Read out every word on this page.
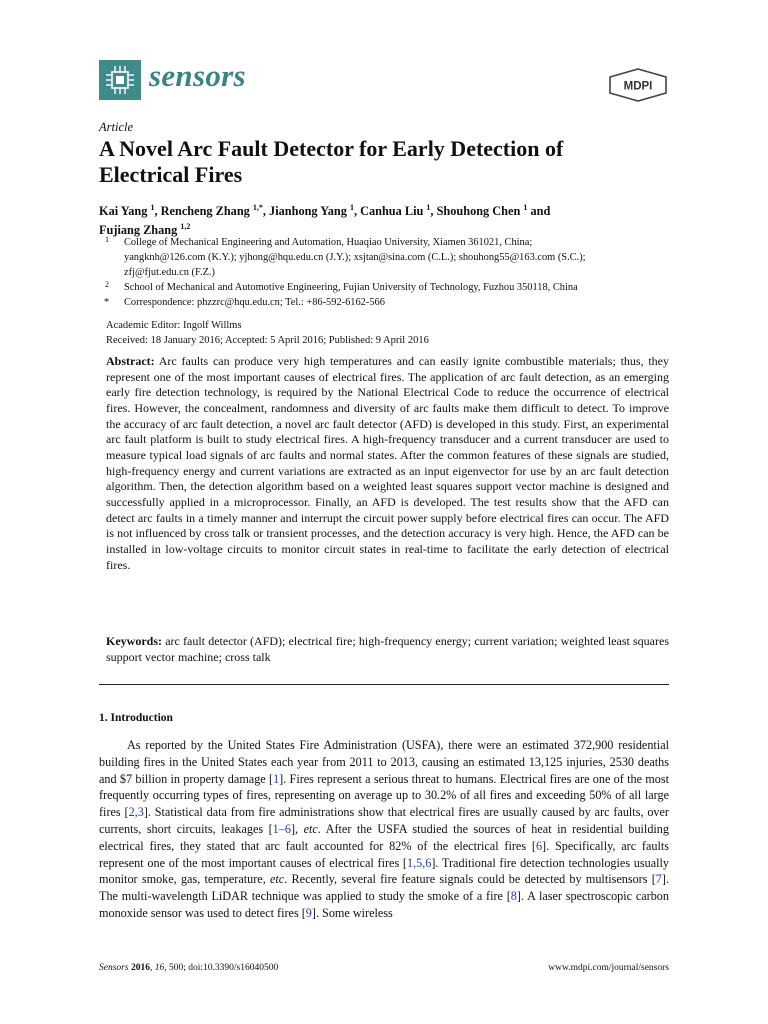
sensors	MDPI
Article
A Novel Arc Fault Detector for Early Detection of Electrical Fires
Kai Yang $^1$, Rencheng Zhang $^{1,*}$, Jianhong Yang $^1$, Canhua Liu $^1$, Shouhong Chen $^1$ and
Fujiang Zhang $^{1,2}$
1 College of Mechanical Engineering and Automation, Huaqiao University, Xiamen 361021, China;
yangknh@126.com (K.Y.); yjhong@hqu.edu.cn (J.Y.); xsjtan@sina.com (C.L.); shouhong55@163.com (S.C.);
zfj@fjut.edu.cn (F.Z.)
2 School of Mechanical and Automotive Engineering, Fujian University of Technology, Fuzhou 350118, China
* Correspondence: phzzrc@hqu.edu.cn; Tel.: +86-592-6162-566
Academic Editor: Ingolf Willms
Received: 18 January 2016; Accepted: 5 April 2016; Published: 9 April 2016

Abstract: Arc faults can produce very high temperatures and can easily ignite combustible materials; thus, they represent one of the most important causes of electrical fires. The application of arc fault detection, as an emerging early fire detection technology, is required by the National Electrical Code to reduce the occurrence of electrical fires. However, the concealment, randomness and diversity of arc faults make them difficult to detect. To improve the accuracy of arc fault detection, a novel arc fault detector (AFD) is developed in this study. First, an experimental arc fault platform is built to study electrical fires. A high-frequency transducer and a current transducer are used to measure typical load signals of arc faults and normal states. After the common features of these signals are studied, high-frequency energy and current variations are extracted as an input eigenvector for use by an arc fault detection algorithm. Then, the detection algorithm based on a weighted least squares support vector machine is designed and successfully applied in a microprocessor. Finally, an AFD is developed. The test results show that the AFD can detect arc faults in a timely manner and interrupt the circuit power supply before electrical fires can occur. The AFD is not influenced by cross talk or transient processes, and the detection accuracy is very high. Hence, the AFD can be installed in low-voltage circuits to monitor circuit states in real-time to facilitate the early detection of electrical fires.

Keywords: arc fault detector (AFD); electrical fire; high-frequency energy; current variation; weighted least squares support vector machine; cross talk

1. Introduction

As reported by the United States Fire Administration (USFA), there were an estimated 372,900 residential building fires in the United States each year from 2011 to 2013, causing an estimated 13,125 injuries, 2530 deaths and $7 billion in property damage [1]. Fires represent a serious threat to humans. Electrical fires are one of the most frequently occurring types of fires, representing on average up to 30.2% of all fires and exceeding 50% of all large fires [2,3]. Statistical data from fire administrations show that electrical fires are usually caused by arc faults, over currents, short circuits, leakages [1–6], etc. After the USFA studied the sources of heat in residential building electrical fires, they stated that arc fault accounted for 82% of the electrical fires [6]. Specifically, arc faults represent one of the most important causes of electrical fires [1,5,6]. Traditional fire detection technologies usually monitor smoke, gas, temperature, etc. Recently, several fire feature signals could be detected by multisensors [7]. The multi-wavelength LiDAR technique was applied to study the smoke of a fire [8]. A laser spectroscopic carbon monoxide sensor was used to detect fires [9]. Some wireless

Sensors 2016, 16, 500; doi:10.3390/s16040500	www.mdpi.com/journal/sensors
